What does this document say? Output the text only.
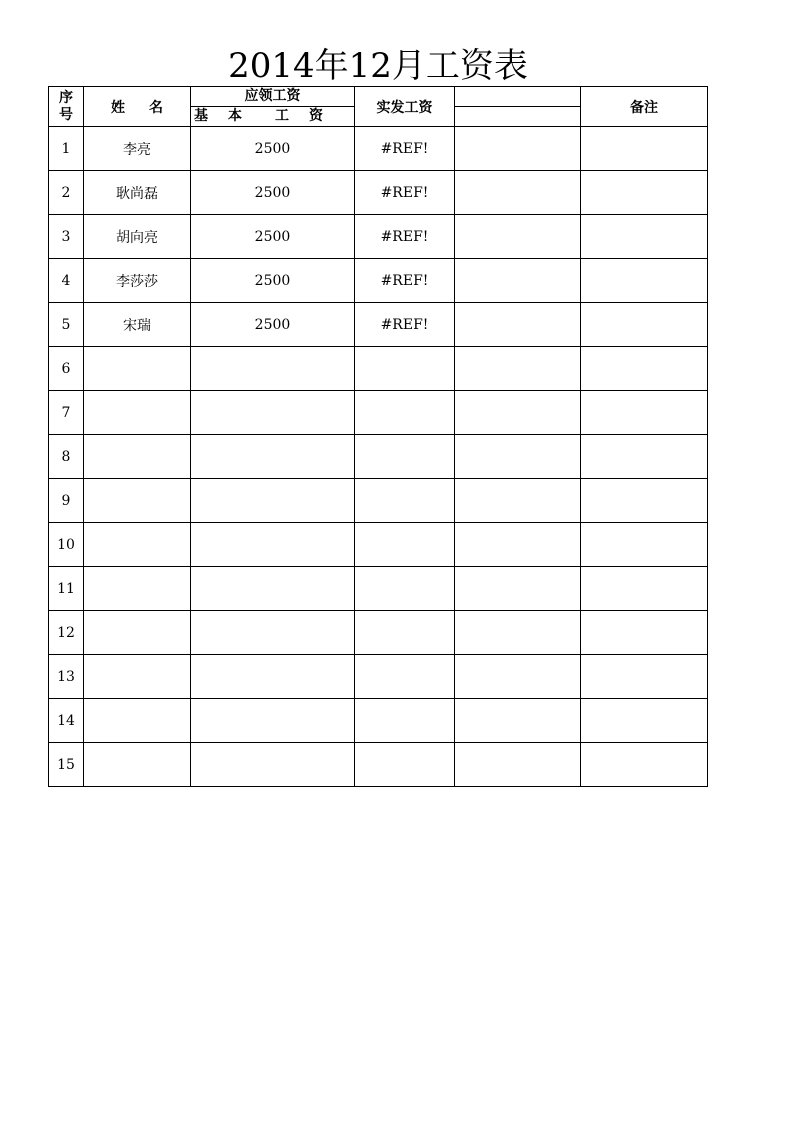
2014年12月工资表
序
号	姓 名	应领工资	实发工资		备注

		基 本 工 资			

1	李亮	2500	#REF!		
2	耿尚磊	2500	#REF!		
3	胡向亮	2500	#REF!		
4	李莎莎	2500	#REF!		
5	宋瑞	2500	#REF!		
6					
7					
8					
9					
10					
11					
12					
13					
14					
15					
